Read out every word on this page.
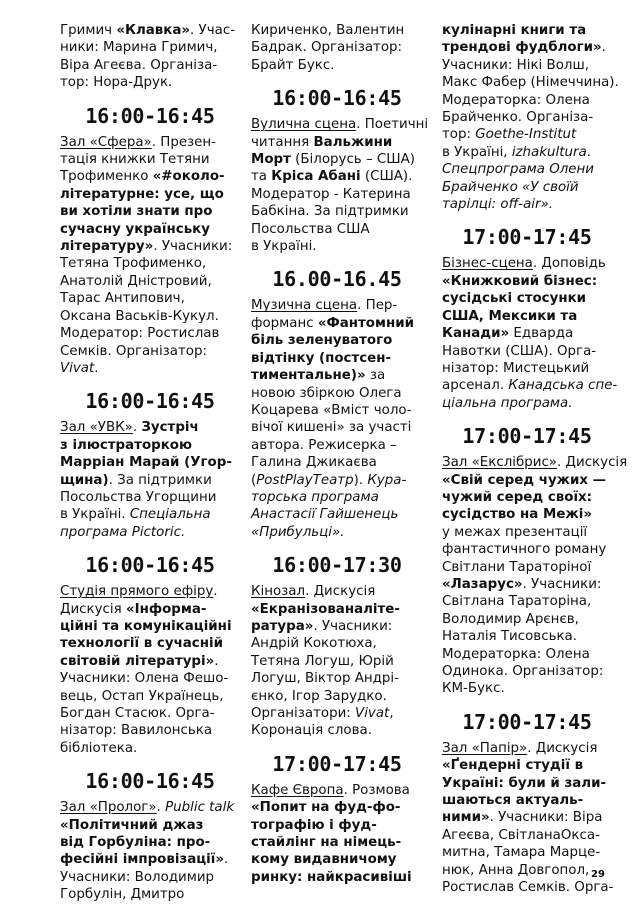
Гримич «Клавка». Учас-

ники: Марина Гримич,

Віра Агеєва. Організа-

тор: Нора-Друк.

16:00-16:45

Зал «Сфера». Презен-

тація книжки Тетяни

Трофименко «#около-

літературне: усе, що

ви хотіли знати про

сучасну українську

літературу». Учасники:

Тетяна Трофименко,

Анатолій Дністровий,

Тарас Антипович,

Оксана Васьків-Кукул.

Модератор: Ростислав

Семків. Організатор:

Vivat.

16:00-16:45

Зал «УВК». Зустріч

з ілюстраторкою

Марріан Марай (Угор-

щина). За підтримки

Посольства Угорщини

в Україні. Спеціальна

програма Pictoric.

16:00-16:45

Студія прямого ефіру.

Дискусія «Інформа-

ційні та комунікаційні

технології в сучасній

світовій літературі».

Учасники: Олена Фешо-

вець, Остап Українець,

Богдан Стасюк. Орга-

нізатор: Вавилонська

бібліотека.

16:00-16:45

Зал «Пролог». Public talk

«Політичний джаз

від Горбуліна: про-

фесійні імпровізації».

Учасники: Володимир

Горбулін, Дмитро

Кириченко, Валентин

Бадрак. Організатор:

Брайт Букс.

16:00-16:45

Вулична сцена. Поетичні

читання Вальжини

Морт (Білорусь – США)

та Кріса Абані (США).

Модератор - Катерина

Бабкіна. За підтримки

Посольства США

в Україні.

16.00-16.45

Музична сцена. Пер-

форманс «Фантомний

біль зеленуватого

відтінку (постсен-

тиментальне)» за

новою збіркою Олега

Коцарева «Вміст чоло-

вічої кишені» за участі

автора. Режисерка –

Галина Джикаєва

(PostPlayТеатр). Кура-

торська програма

Анастасії Гайшенець

«Прибульці».

16:00-17:30

Кінозал. Дискусія

«Екранізованаліте-

ратура». Учасники:

Андрій Кокотюха,

Тетяна Логуш, Юрій

Логуш, Віктор Андрі-

єнко, Ігор Зарудко.

Організатори: Vivat,

Коронація слова.

17:00-17:45

Кафе Європа. Розмова

«Попит на фуд-фо-

тографію і фуд-

стайлінг на німець-

кому видавничому

ринку: найкрасивіші

кулінарні книги та

трендові фудблоги».

Учасники: Нікі Волш,

Макс Фабер (Німеччина).

Модераторка: Олена

Брайченко. Організа-

тор: Goethe-Institut

в Україні, izhakultura.

Спецпрограма Олени

Брайченко «У своїй

тарілці: off-air».

17:00-17:45

Бізнес-сцена. Доповідь

«Книжковий бізнес:

сусідські стосунки

США, Мексики та

Канади» Едвардa

Навотки (США). Орга-

нізатор: Мистецький

арсенал. Канадська спе-

ціальна програма.

17:00-17:45

Зал «Екслібрис». Дискусія

«Свій серед чужих —

чужий серед своїх:

сусідство на Межі»

у межах презентації

фантастичного роману

Світлани Тараторіної

«Лазарус». Учасники:

Світлана Тараторіна,

Володимир Арєнєв,

Наталія Тисовська.

Модераторка: Олена

Одинока. Організатор:

КМ-Букс.

17:00-17:45

Зал «Папір». Дискусія

«Ґендерні студії в

Україні: були й зали-

шаються актуаль-

ними». Учасники: Віра

Агеєва, СвітланаОкса-

митна, Тамара Марце-

нюк, Анна Довгопол,

Ростислав Семків. Орга-

29
